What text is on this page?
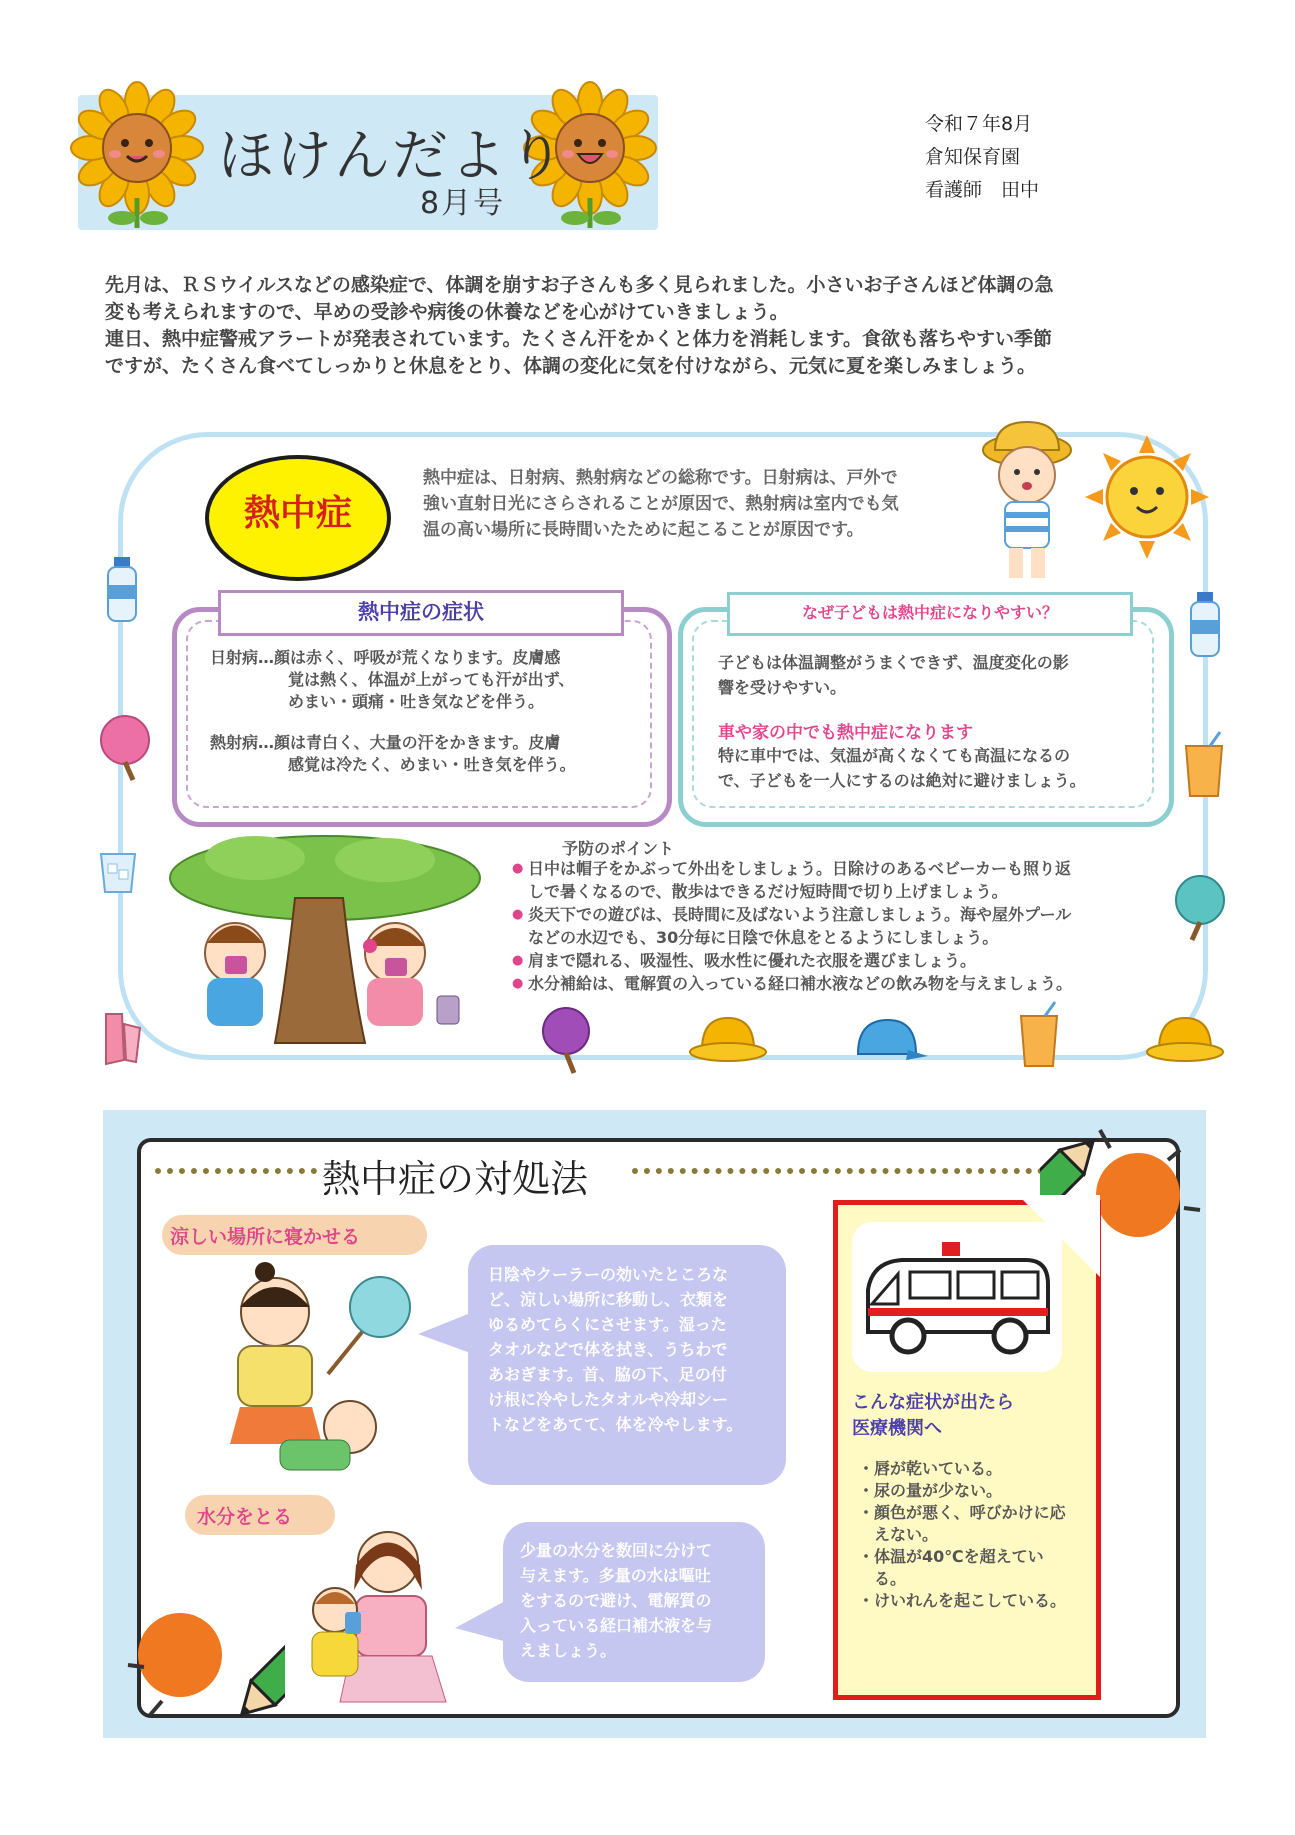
ほけんだより
8月号
令和７年8月
倉知保育園
看護師　田中
先月は、ＲＳウイルスなどの感染症で、体調を崩すお子さんも多く見られました。小さいお子さんほど体調の急
変も考えられますので、早めの受診や病後の休養などを心がけていきましょう。
連日、熱中症警戒アラートが発表されています。たくさん汗をかくと体力を消耗します。食欲も落ちやすい季節
ですが、たくさん食べてしっかりと休息をとり、体調の変化に気を付けながら、元気に夏を楽しみましょう。
熱中症
熱中症は、日射病、熱射病などの総称です。日射病は、戸外で
強い直射日光にさらされることが原因で、熱射病は室内でも気
温の高い場所に長時間いたために起こることが原因です。
熱中症の症状
日射病…顔は赤く、呼吸が荒くなります。皮膚感
覚は熱く、体温が上がっても汗が出ず、
めまい・頭痛・吐き気などを伴う。
熱射病…顔は青白く、大量の汗をかきます。皮膚
感覚は冷たく、めまい・吐き気を伴う。
なぜ子どもは熱中症になりやすい？
子どもは体温調整がうまくできず、温度変化の影
響を受けやすい。
車や家の中でも熱中症になります
特に車中では、気温が高くなくても高温になるの
で、子どもを一人にするのは絶対に避けましょう。
予防のポイント
● 日中は帽子をかぶって外出をしましょう。日除けのあるベビーカーも照り返
しで暑くなるので、散歩はできるだけ短時間で切り上げましょう。
● 炎天下での遊びは、長時間に及ばないよう注意しましょう。海や屋外プール
などの水辺でも、30分毎に日陰で休息をとるようにしましょう。
● 肩まで隠れる、吸湿性、吸水性に優れた衣服を選びましょう。
● 水分補給は、電解質の入っている経口補水液などの飲み物を与えましょう。
熱中症の対処法
涼しい場所に寝かせる
日陰やクーラーの効いたところな
ど、涼しい場所に移動し、衣類を
ゆるめてらくにさせます。湿った
タオルなどで体を拭き、うちわで
あおぎます。首、脇の下、足の付
け根に冷やしたタオルや冷却シー
トなどをあてて、体を冷やします。
水分をとる
少量の水分を数回に分けて
与えます。多量の水は嘔吐
をするので避け、電解質の
入っている経口補水液を与
えましょう。
こんな症状が出たら
医療機関へ
・ 唇が乾いている。
・ 尿の量が少ない。
・ 顔色が悪く、呼びかけに応えない。
・ 体温が40℃を超えている。
・ けいれんを起こしている。
